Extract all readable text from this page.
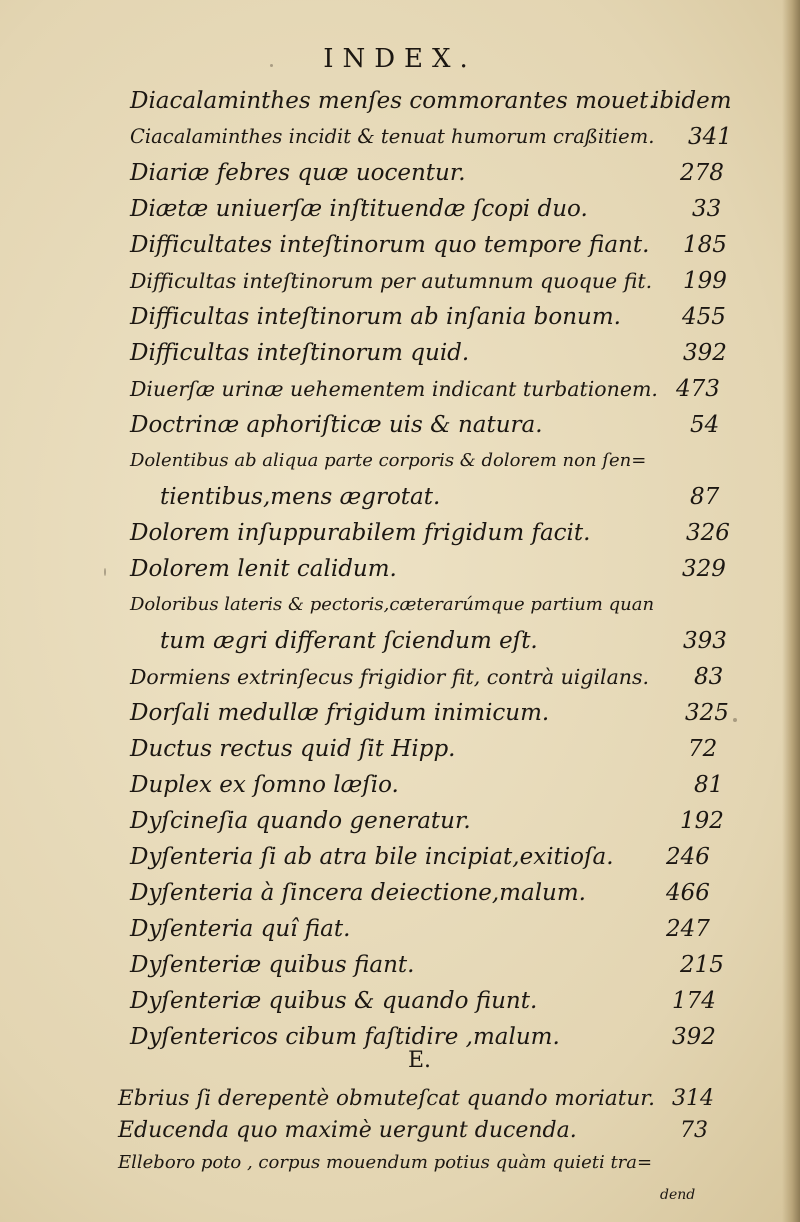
INDEX.
Diacalaminthes menſes commorantes mouet.
ibidem
Ciacalaminthes incidit & tenuat humorum craßitiem. 341
Diariæ febres quæ uocentur.	278
Diætæ uniuerſæ inſtituendæ ſcopi duo.	33
Difficultates inteſtinorum quo tempore fiant. 185
Difficultas inteſtinorum per autumnum quoque fit. 199
Difficultas inteſtinorum ab inſania bonum.	455
Difficultas inteſtinorum quid.	392
Diuerſæ urinæ uehementem indicant turbationem. 473
Doctrinæ aphoriſticæ uis & natura.	54
Dolentibus ab aliqua parte corporis & dolorem non ſen=
tientibus,mens ægrotat.	87
Dolorem inſuppurabilem frigidum facit.	326
Dolorem lenit calidum.	329
Doloribus lateris & pectoris,cæterarúmque partium quan
tum ægri differant ſciendum eſt.	393
Dormiens extrinſecus frigidior fit, contrà uigilans. 83
Dorſali medullæ frigidum inimicum.	325
Ductus rectus quid ſit Hipp.	72
Duplex ex ſomno læſio.	81
Dyſcineſia quando generatur.	192
Dyſenteria ſi ab atra bile incipiat,exitioſa. 246
Dyſenteria à ſincera deiectione,malum.	466
Dyſenteria quî fiat.	247
Dyſenteriæ quibus fiant.	215
Dyſenteriæ quibus & quando fiunt.	174
Dyſentericos cibum faſtidire ,malum.	392
E.
Ebrius ſi derepentè obmuteſcat quando moriatur. 314
Educenda quo maximè uergunt ducenda.	73
Elleboro poto , corpus mouendum potius quàm quieti tra=
dend
